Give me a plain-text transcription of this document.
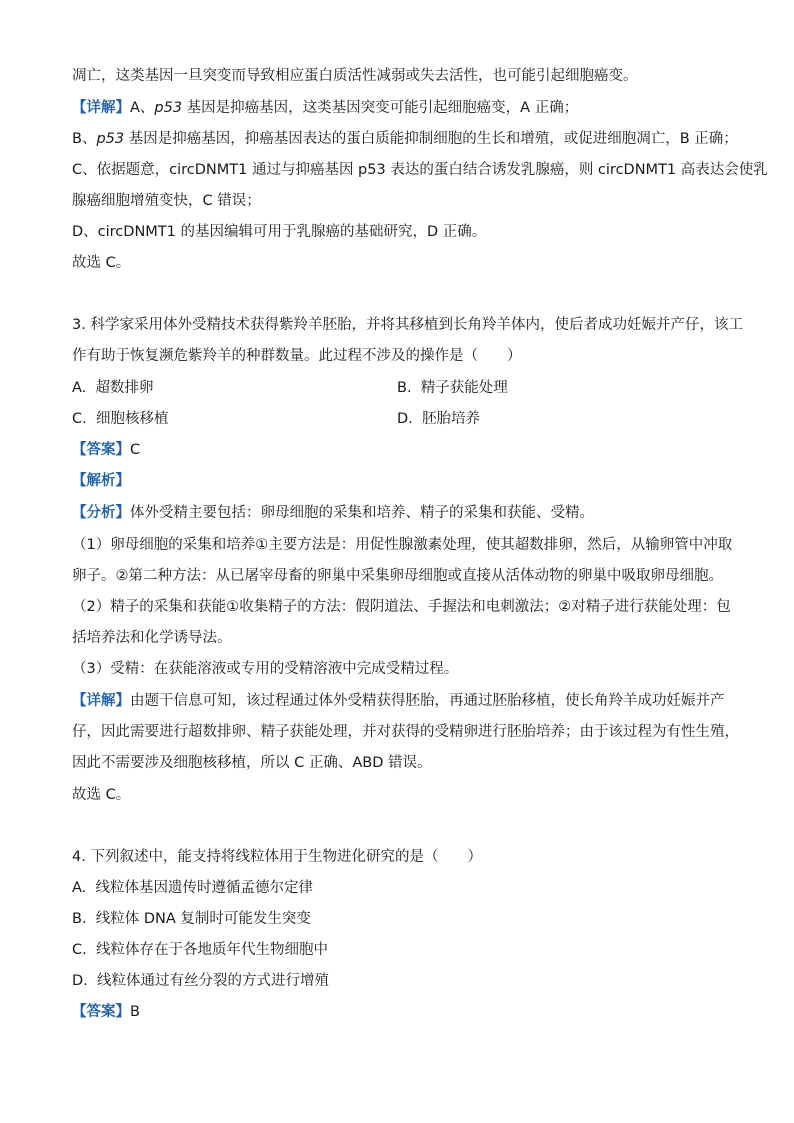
凋亡，这类基因一旦突变而导致相应蛋白质活性减弱或失去活性，也可能引起细胞癌变。
【详解】A、p53 基因是抑癌基因，这类基因突变可能引起细胞癌变，A 正确；
B、p53 基因是抑癌基因，抑癌基因表达的蛋白质能抑制细胞的生长和增殖，或促进细胞凋亡，B 正确；
C、依据题意，circDNMT1 通过与抑癌基因 p53 表达的蛋白结合诱发乳腺癌，则 circDNMT1 高表达会使乳
腺癌细胞增殖变快，C 错误；
D、circDNMT1 的基因编辑可用于乳腺癌的基础研究，D 正确。
故选 C。
3. 科学家采用体外受精技术获得紫羚羊胚胎，并将其移植到长角羚羊体内，使后者成功妊娠并产仔，该工
作有助于恢复濒危紫羚羊的种群数量。此过程不涉及的操作是（　　）
A. 超数排卵	B. 精子获能处理
C. 细胞核移植	D. 胚胎培养
【答案】C
【解析】
【分析】体外受精主要包括：卵母细胞的采集和培养、精子的采集和获能、受精。
（1）卵母细胞的采集和培养①主要方法是：用促性腺激素处理，使其超数排卵，然后，从输卵管中冲取
卵子。②第二种方法：从已屠宰母畜的卵巢中采集卵母细胞或直接从活体动物的卵巢中吸取卵母细胞。
（2）精子的采集和获能①收集精子的方法：假阴道法、手握法和电刺激法；②对精子进行获能处理：包
括培养法和化学诱导法。
（3）受精：在获能溶液或专用的受精溶液中完成受精过程。
【详解】由题干信息可知，该过程通过体外受精获得胚胎，再通过胚胎移植，使长角羚羊成功妊娠并产
仔，因此需要进行超数排卵、精子获能处理，并对获得的受精卵进行胚胎培养；由于该过程为有性生殖，
因此不需要涉及细胞核移植，所以 C 正确、ABD 错误。
故选 C。
4. 下列叙述中，能支持将线粒体用于生物进化研究的是（　　）
A. 线粒体基因遗传时遵循孟德尔定律
B. 线粒体 DNA 复制时可能发生突变
C. 线粒体存在于各地质年代生物细胞中
D. 线粒体通过有丝分裂的方式进行增殖
【答案】B
